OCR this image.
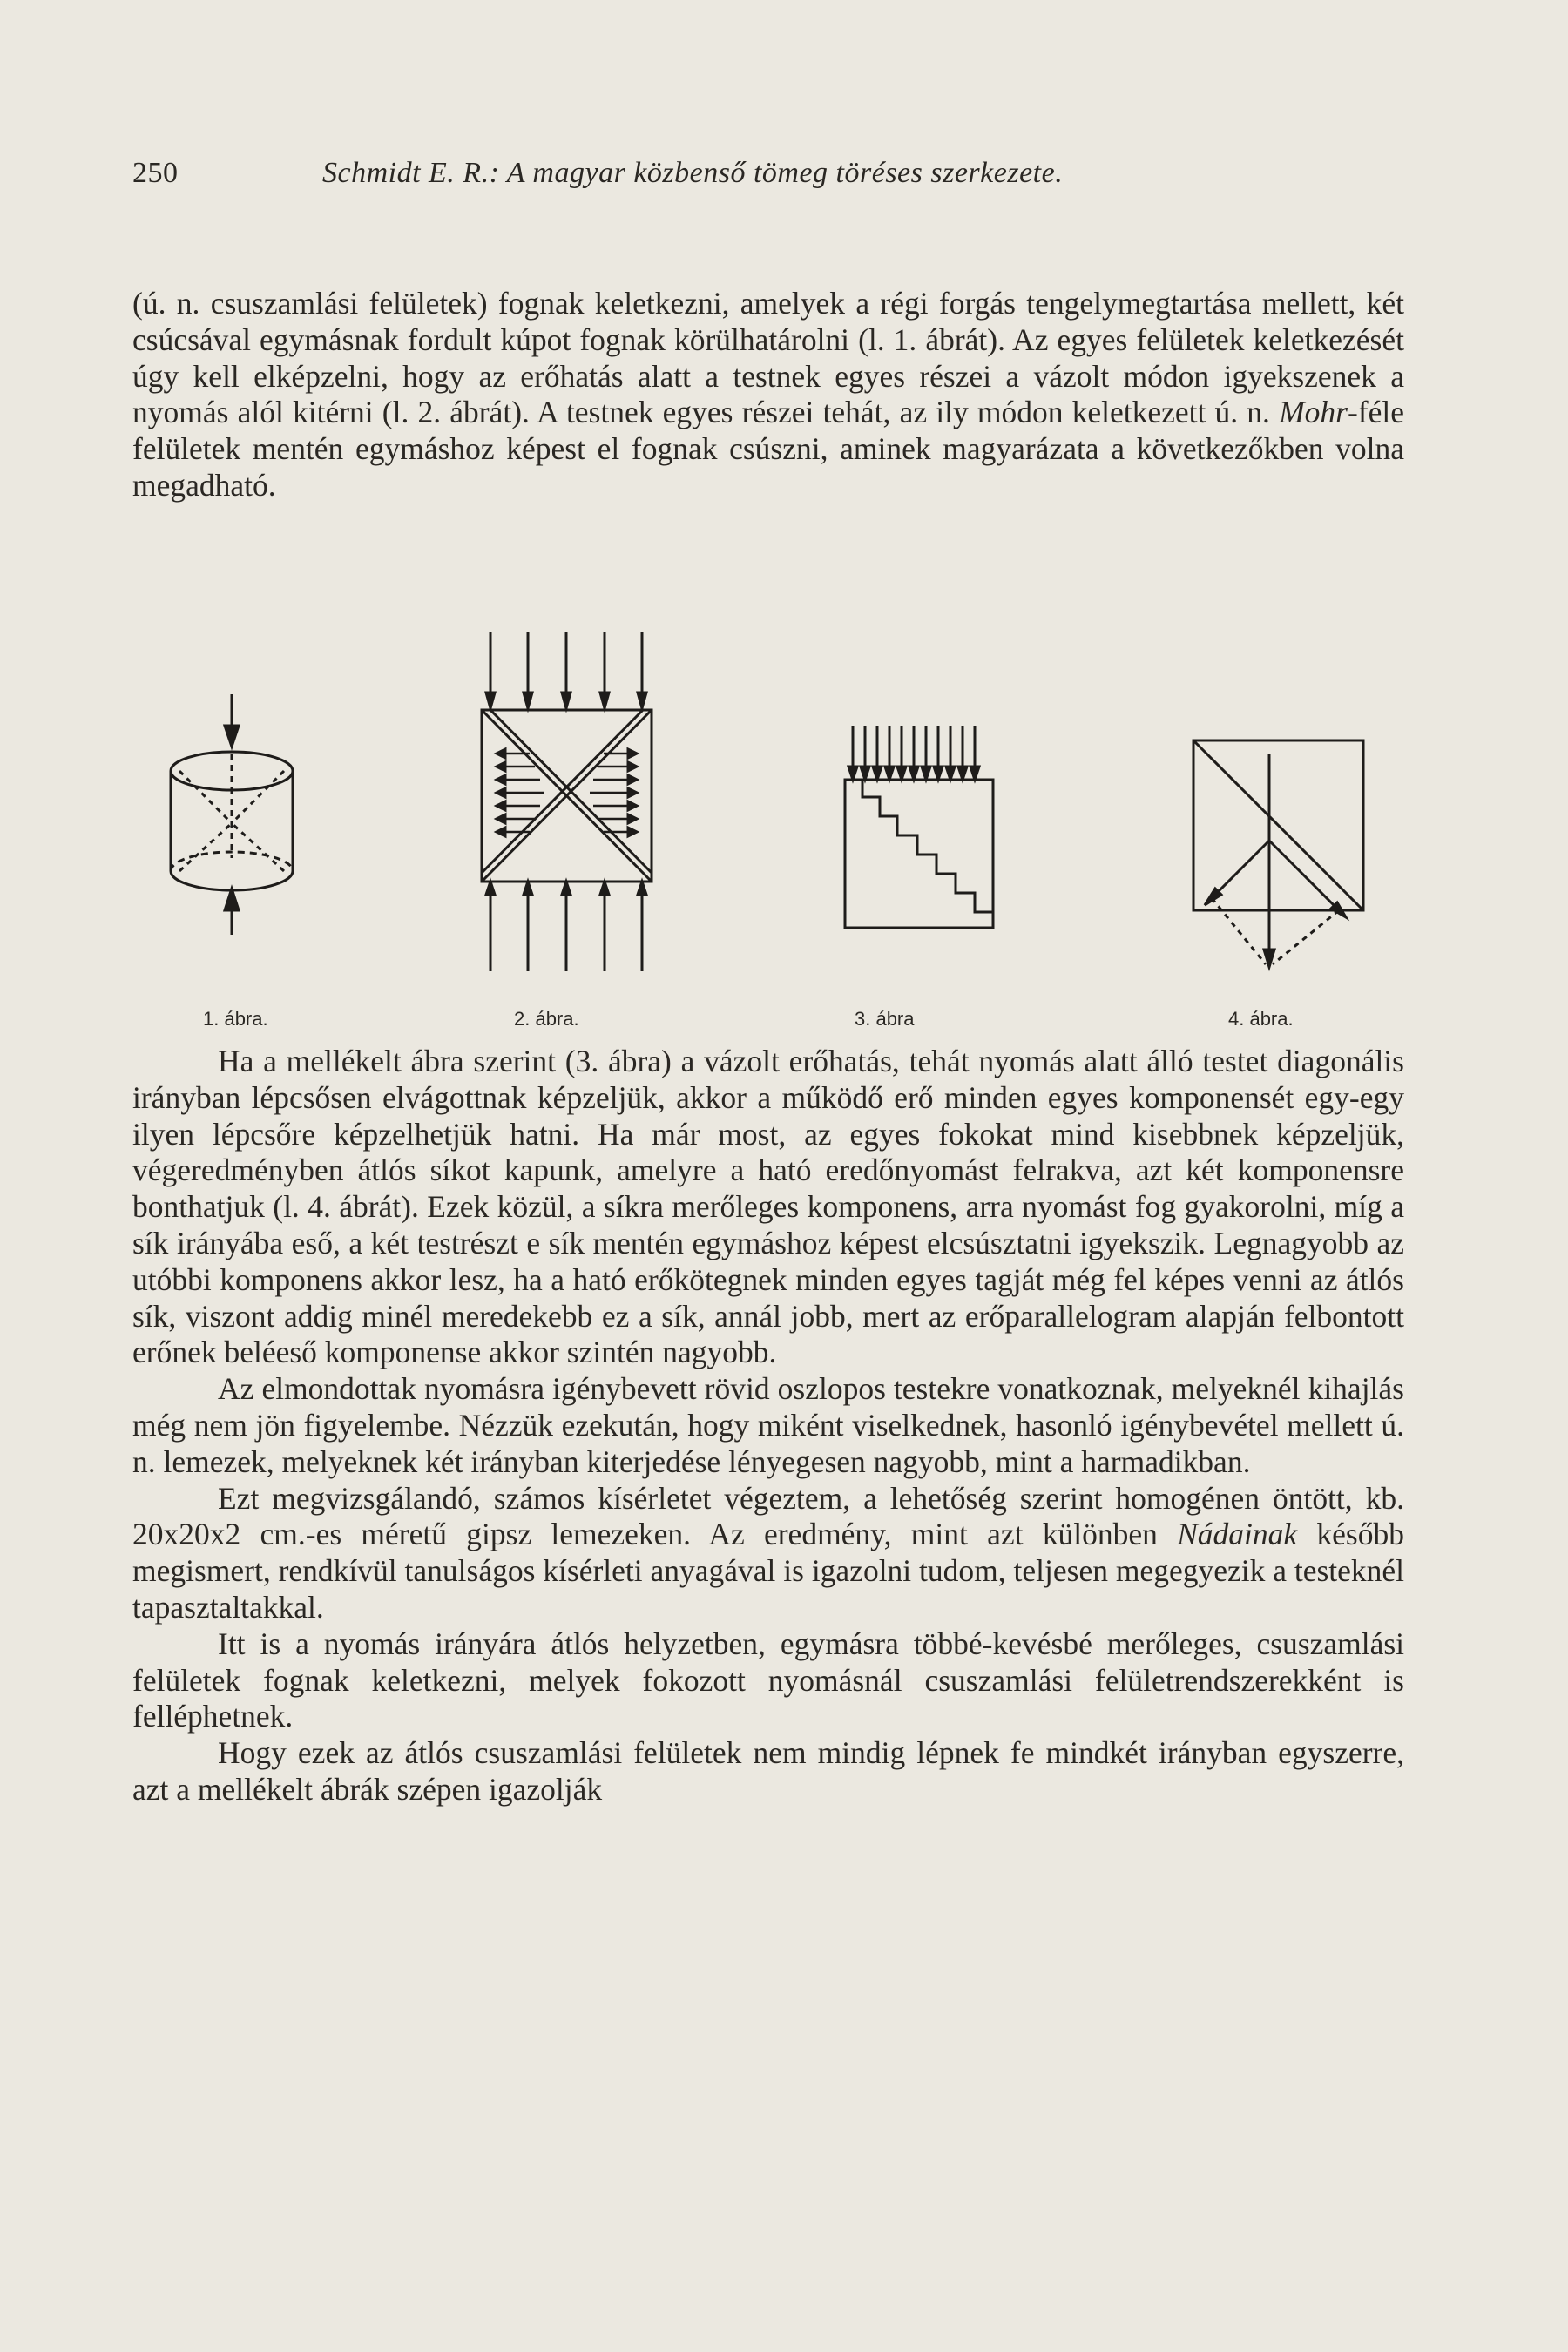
250	Schmidt E. R.: A magyar közbenső tömeg töréses szerkezete.

(ú. n. csuszamlási felületek) fognak keletkezni, amelyek a régi forgás tengelymegtartása mellett, két csúcsával egymásnak fordult kúpot fognak körülhatárolni (l. 1. ábrát). Az egyes felületek keletkezését úgy kell elképzelni, hogy az erőhatás alatt a testnek egyes részei a vázolt módon igyekszenek a nyomás alól kitérni (l. 2. ábrát). A testnek egyes részei tehát, az ily módon keletkezett ú. n. Mohr-féle felületek mentén egymáshoz képest el fognak csúszni, aminek magyarázata a következőkben volna megadható.

1. ábra.	2. ábra.	3. ábra	4. ábra.

Ha a mellékelt ábra szerint (3. ábra) a vázolt erőhatás, tehát nyomás alatt álló testet diagonális irányban lépcsősen elvágottnak képzeljük, akkor a működő erő minden egyes komponensét egy-egy ilyen lépcsőre képzelhetjük hatni. Ha már most, az egyes fokokat mind kisebbnek képzeljük, végeredményben átlós síkot kapunk, amelyre a ható eredőnyomást felrakva, azt két komponensre bonthatjuk (l. 4. ábrát). Ezek közül, a síkra merőleges komponens, arra nyomást fog gyakorolni, míg a sík irányába eső, a két testrészt e sík mentén egymáshoz képest elcsúsztatni igyekszik. Legnagyobb az utóbbi komponens akkor lesz, ha a ható erőkötegnek minden egyes tagját még fel képes venni az átlós sík, viszont addig minél meredekebb ez a sík, annál jobb, mert az erőparallelogram alapján felbontott erőnek beléeső komponense akkor szintén nagyobb.

Az elmondottak nyomásra igénybevett rövid oszlopos testekre vonatkoznak, melyeknél kihajlás még nem jön figyelembe. Nézzük ezekután, hogy miként viselkednek, hasonló igénybevétel mellett ú. n. lemezek, melyeknek két irányban kiterjedése lényegesen nagyobb, mint a harmadikban.

Ezt megvizsgálandó, számos kísérletet végeztem, a lehetőség szerint homogénen öntött, kb. 20x20x2 cm.-es méretű gipsz lemezeken. Az eredmény, mint azt különben Nádainak később megismert, rendkívül tanulságos kísérleti anyagával is igazolni tudom, teljesen megegyezik a testeknél tapasztaltakkal.

Itt is a nyomás irányára átlós helyzetben, egymásra többé-kevésbé merőleges, csuszamlási felületek fognak keletkezni, melyek fokozott nyomásnál csuszamlási felületrendszerekként is felléphetnek.

Hogy ezek az átlós csuszamlási felületek nem mindig lépnek fe mindkét irányban egyszerre, azt a mellékelt ábrák szépen igazolják
